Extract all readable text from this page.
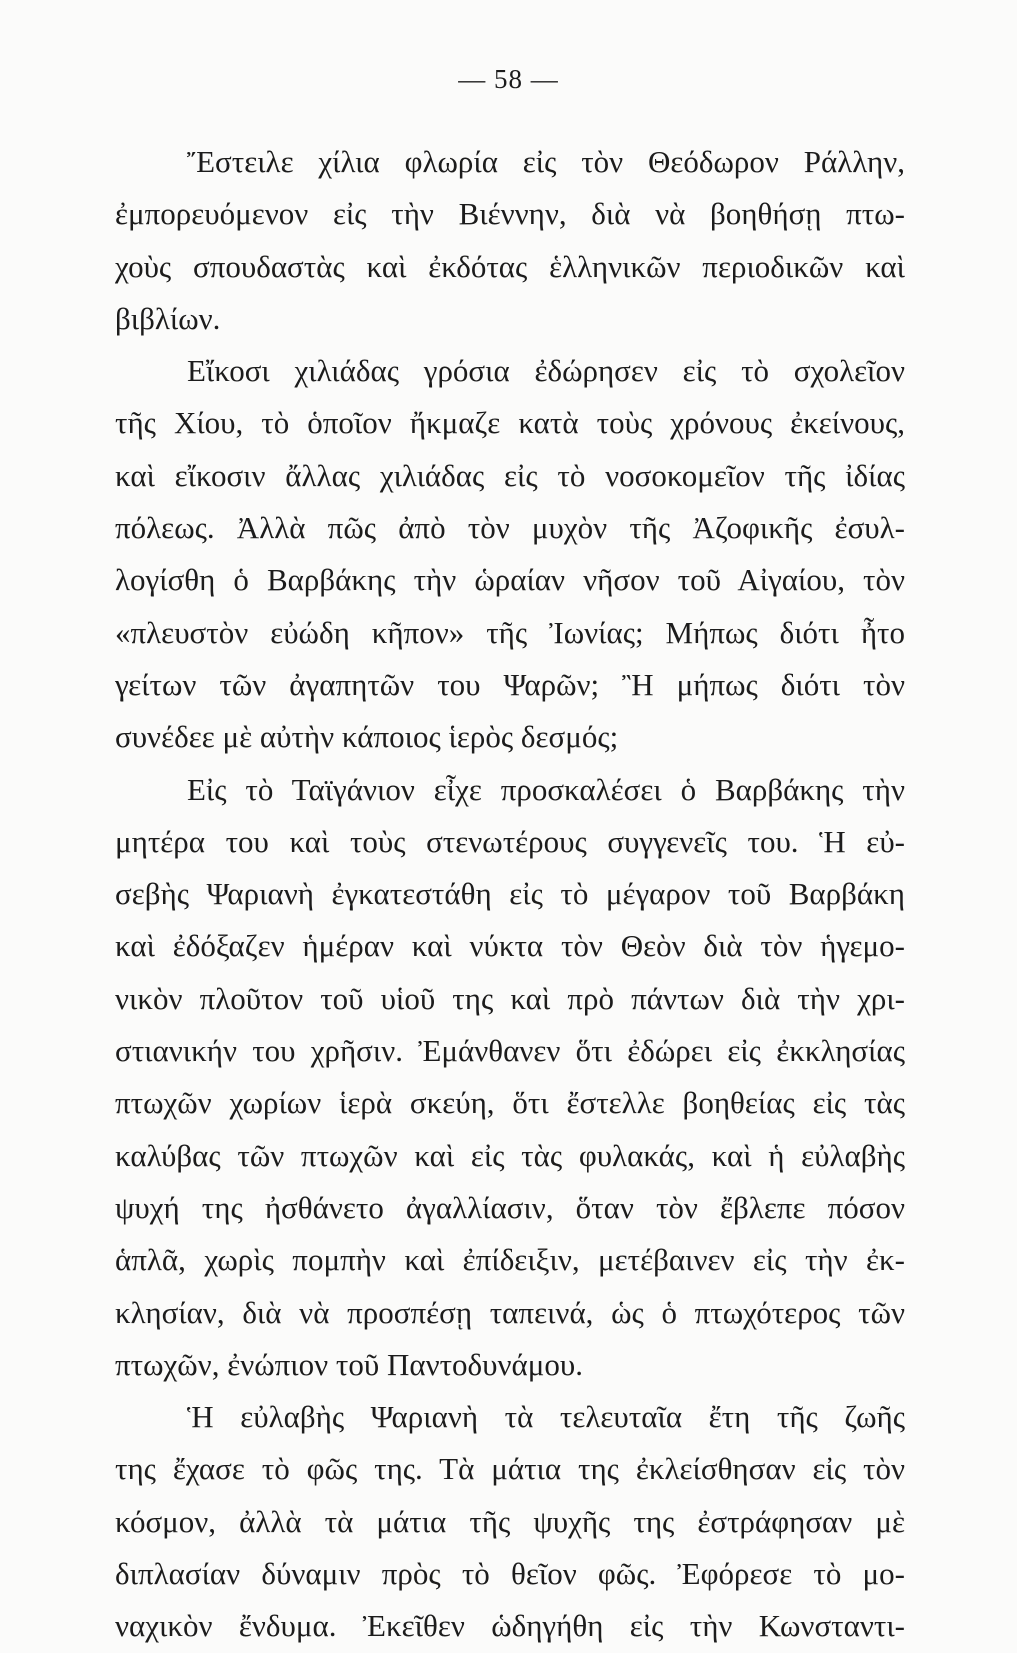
— 58 —
Ἔστειλε χίλια φλωρία εἰς τὸν Θεόδωρον Ράλλην,
ἐμπορευόμενον εἰς τὴν Βιέννην, διὰ νὰ βοηθήσῃ πτω-
χοὺς σπουδαστὰς καὶ ἐκδότας ἑλληνικῶν περιοδικῶν καὶ
βιβλίων.
Εἴκοσι χιλιάδας γρόσια ἐδώρησεν εἰς τὸ σχολεῖον
τῆς Χίου, τὸ ὁποῖον ἤκμαζε κατὰ τοὺς χρόνους ἐκείνους,
καὶ εἴκοσιν ἄλλας χιλιάδας εἰς τὸ νοσοκομεῖον τῆς ἰδίας
πόλεως. Ἀλλὰ πῶς ἀπὸ τὸν μυχὸν τῆς Ἀζοφικῆς ἐσυλ-
λογίσθη ὁ Βαρβάκης τὴν ὡραίαν νῆσον τοῦ Αἰγαίου, τὸν
«πλευστὸν εὐώδη κῆπον» τῆς Ἰωνίας; Μήπως διότι ἦτο
γείτων τῶν ἀγαπητῶν του Ψαρῶν; Ἢ μήπως διότι τὸν
συνέδεε μὲ αὐτὴν κάποιος ἱερὸς δεσμός;
Εἰς τὸ Ταϊγάνιον εἶχε προσκαλέσει ὁ Βαρβάκης τὴν
μητέρα του καὶ τοὺς στενωτέρους συγγενεῖς του. Ἡ εὐ-
σεβὴς Ψαριανὴ ἐγκατεστάθη εἰς τὸ μέγαρον τοῦ Βαρβάκη
καὶ ἐδόξαζεν ἡμέραν καὶ νύκτα τὸν Θεὸν διὰ τὸν ἡγεμο-
νικὸν πλοῦτον τοῦ υἱοῦ της καὶ πρὸ πάντων διὰ τὴν χρι-
στιανικήν του χρῆσιν. Ἐμάνθανεν ὅτι ἐδώρει εἰς ἐκκλησίας
πτωχῶν χωρίων ἱερὰ σκεύη, ὅτι ἔστελλε βοηθείας εἰς τὰς
καλύβας τῶν πτωχῶν καὶ εἰς τὰς φυλακάς, καὶ ἡ εὐλαβὴς
ψυχή της ἠσθάνετο ἀγαλλίασιν, ὅταν τὸν ἔβλεπε πόσον
ἁπλᾶ, χωρὶς πομπὴν καὶ ἐπίδειξιν, μετέβαινεν εἰς τὴν ἐκ-
κλησίαν, διὰ νὰ προσπέσῃ ταπεινά, ὡς ὁ πτωχότερος τῶν
πτωχῶν, ἐνώπιον τοῦ Παντοδυνάμου.
Ἡ εὐλαβὴς Ψαριανὴ τὰ τελευταῖα ἔτη τῆς ζωῆς
της ἔχασε τὸ φῶς της. Τὰ μάτια της ἐκλείσθησαν εἰς τὸν
κόσμον, ἀλλὰ τὰ μάτια τῆς ψυχῆς της ἐστράφησαν μὲ
διπλασίαν δύναμιν πρὸς τὸ θεῖον φῶς. Ἐφόρεσε τὸ μο-
ναχικὸν ἔνδυμα. Ἐκεῖθεν ὡδηγήθη εἰς τὴν Κωνσταντι-
